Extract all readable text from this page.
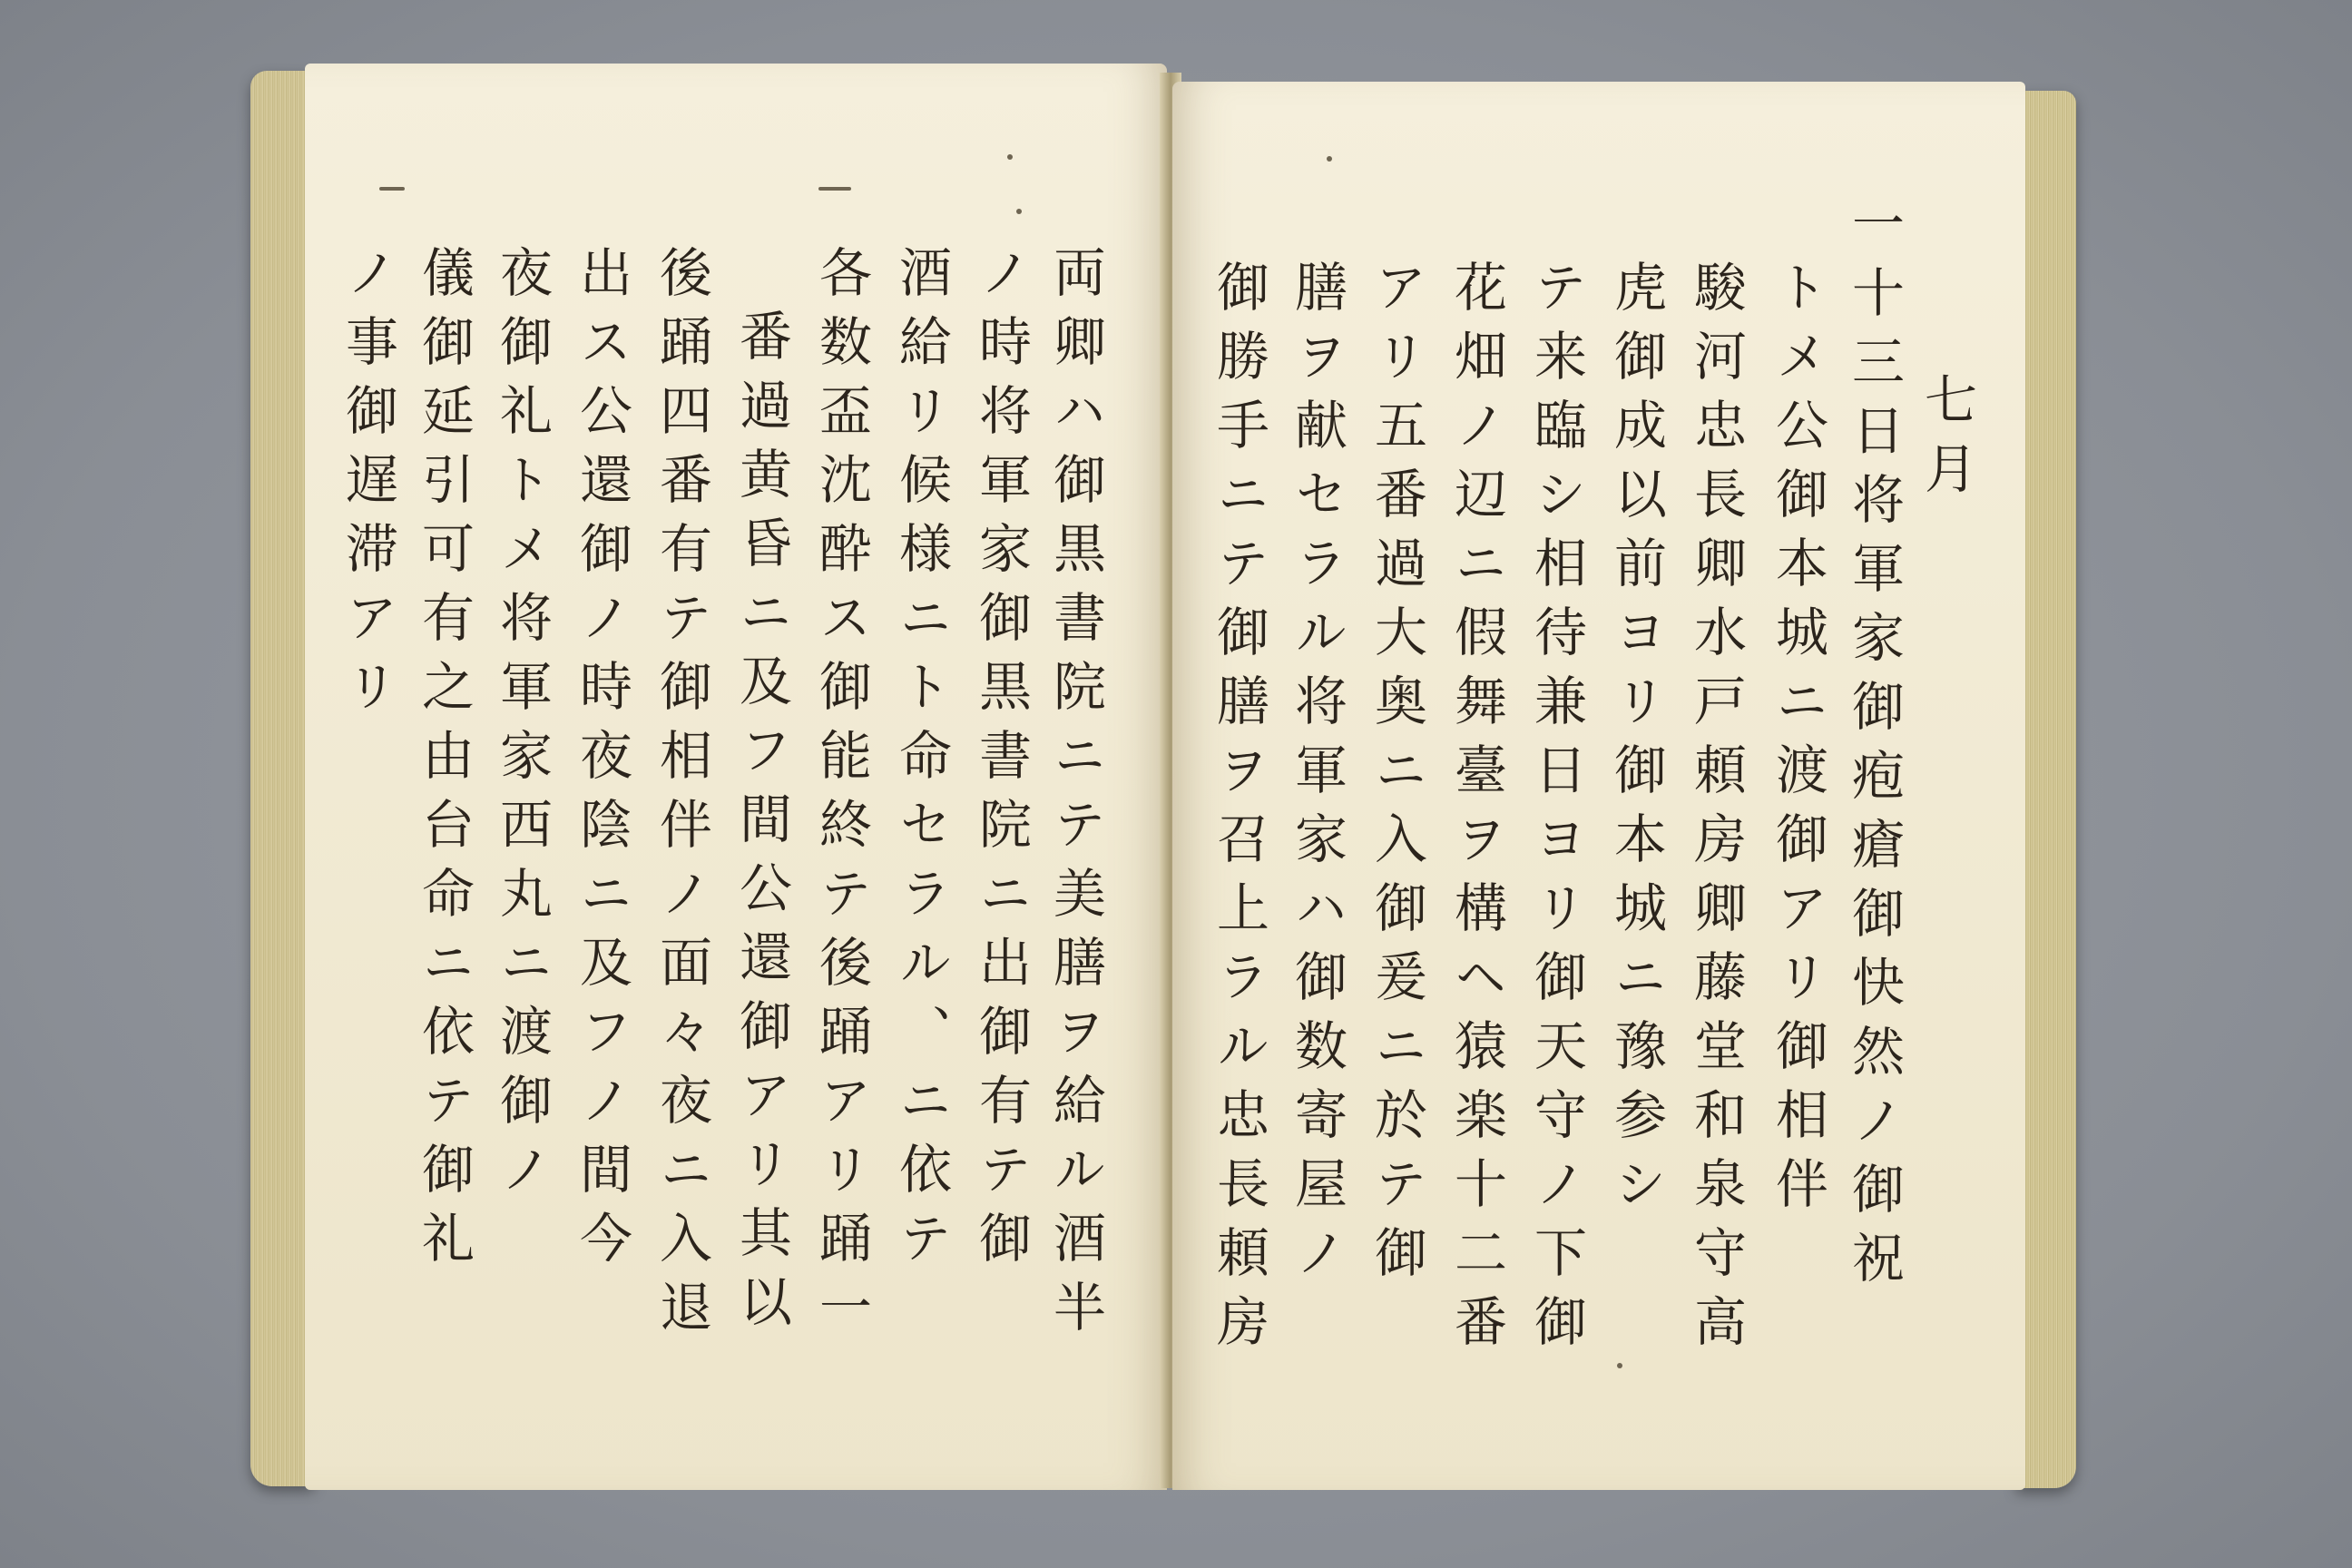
両卿ハ御黒書院ニテ美膳ヲ給ル酒半
ノ時将軍家御黒書院ニ出御有テ御
酒給リ候様ニト命セラル、ニ依テ
各数盃沈酔ス御能終テ後踊アリ踊一
番過黄昏ニ及フ間公還御アリ其以
後踊四番有テ御相伴ノ面々夜ニ入退
出ス公還御ノ時夜陰ニ及フノ間今
夜御礼トメ将軍家西丸ニ渡御ノ
儀御延引可有之由台命ニ依テ御礼
ノ事御遅滞アリ	七月
一十三日将軍家御疱瘡御快然ノ御祝
トメ公御本城ニ渡御アリ御相伴
駿河忠長卿水戸頼房卿藤堂和泉守高
虎御成以前ヨリ御本城ニ豫参シ
テ来臨シ相待兼日ヨリ御天守ノ下御
花畑ノ辺ニ假舞臺ヲ構ヘ猿楽十二番
アリ五番過大奥ニ入御爰ニ於テ御
膳ヲ献セラル将軍家ハ御数寄屋ノ
御勝手ニテ御膳ヲ召上ラル忠長頼房
